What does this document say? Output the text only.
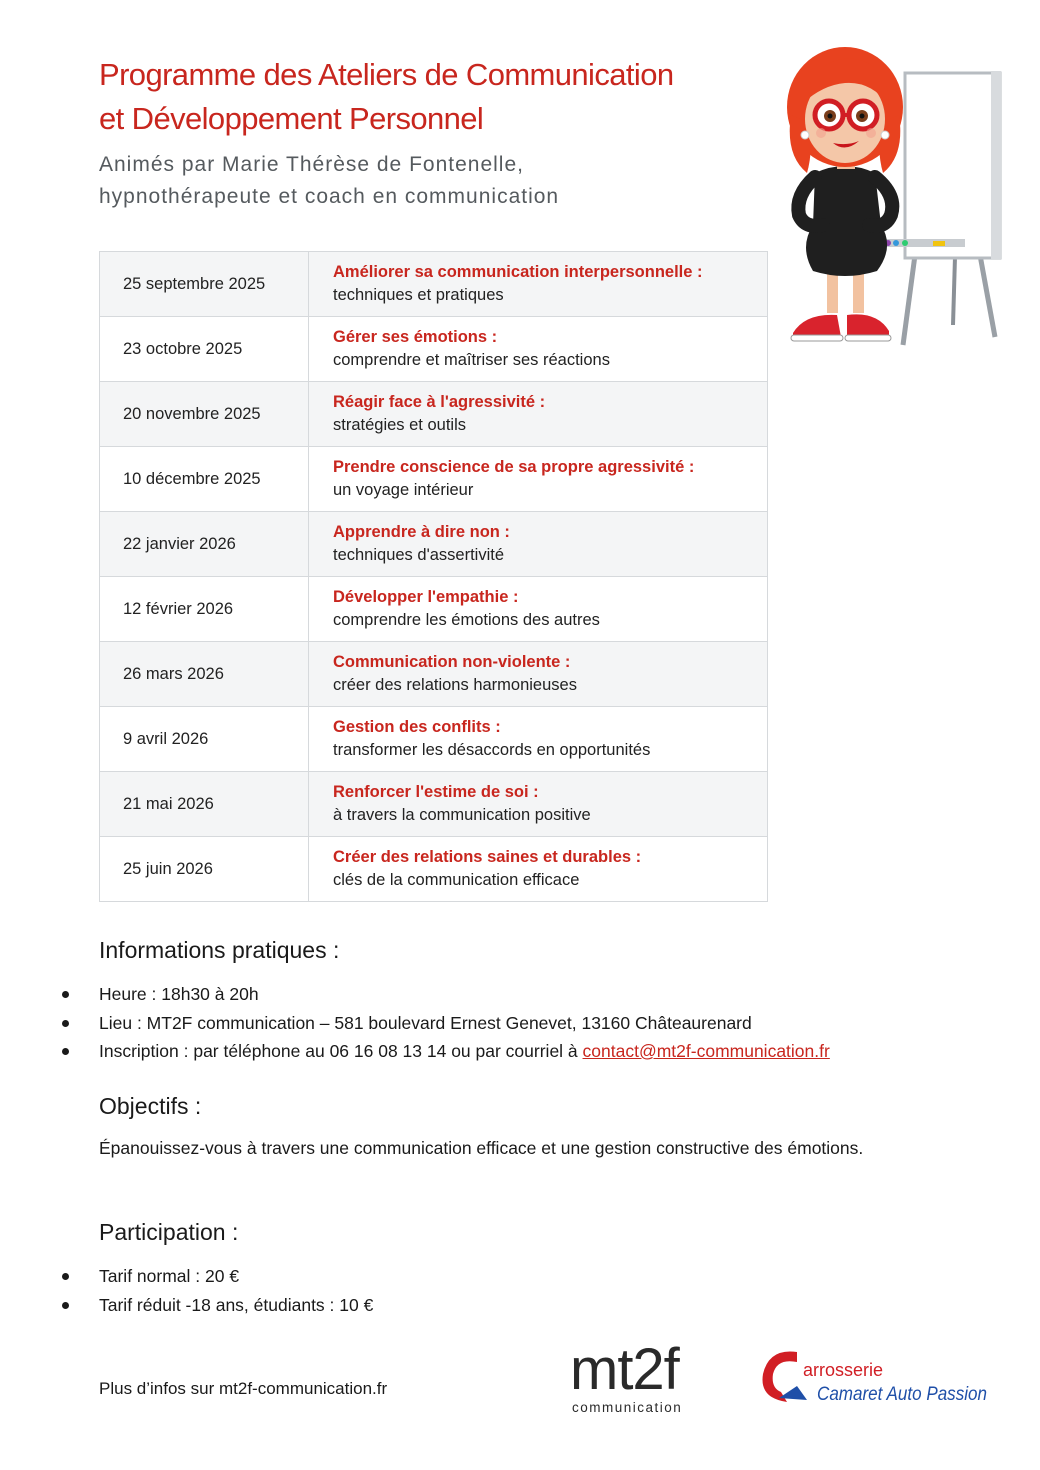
Programme des Ateliers de Communication
et Développement Personnel
Animés par Marie Thérèse de Fontenelle,
hypnothérapeute et coach en communication
25 septembre 2025	Améliorer sa communication interpersonnelle :
techniques et pratiques

23 octobre 2025	Gérer ses émotions :
comprendre et maîtriser ses réactions

20 novembre 2025	Réagir face à l'agressivité :
stratégies et outils

10 décembre 2025	Prendre conscience de sa propre agressivité :
un voyage intérieur

22 janvier 2026	Apprendre à dire non :
techniques d'assertivité

12 février 2026	Développer l'empathie :
comprendre les émotions des autres

26 mars 2026	Communication non-violente :
créer des relations harmonieuses

9 avril 2026	Gestion des conflits :
transformer les désaccords en opportunités

21 mai 2026	Renforcer l'estime de soi :
à travers la communication positive

25 juin 2026	Créer des relations saines et durables :
clés de la communication efficace
Informations pratiques :
Heure : 18h30 à 20h
Lieu : MT2F communication – 581 boulevard Ernest Genevet, 13160 Châteaurenard
Inscription : par téléphone au 06 16 08 13 14 ou par courriel à contact@mt2f-communication.fr
Objectifs :
Épanouissez-vous à travers une communication efficace et une gestion constructive des émotions.
Participation :
Tarif normal : 20 €
Tarif réduit -18 ans, étudiants : 10 €
Plus d’infos sur mt2f-communication.fr	mt2f
communication
arrosserie
Camaret Auto Passion
